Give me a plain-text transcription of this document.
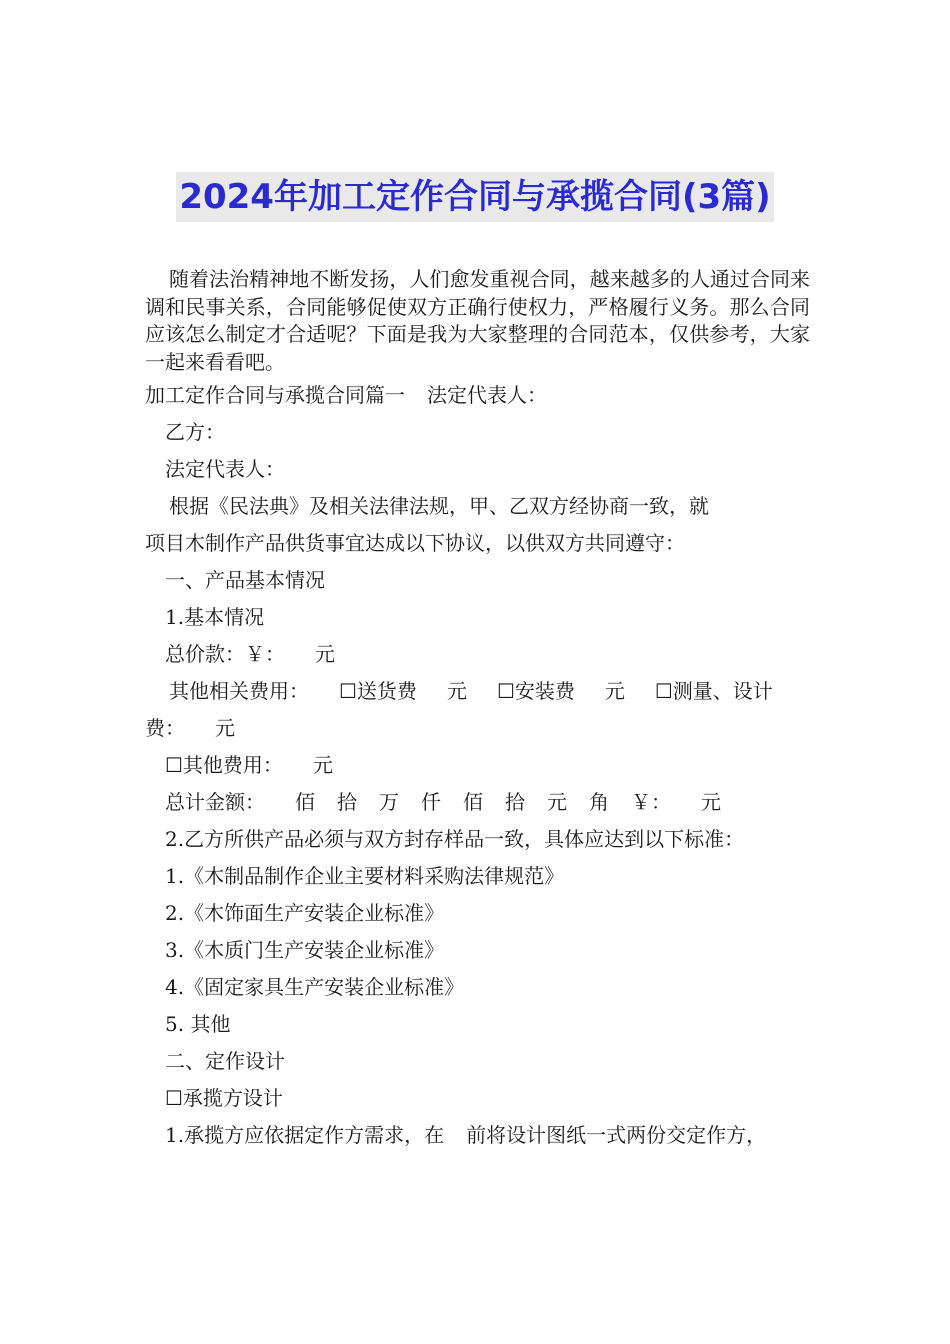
2024年加工定作合同与承揽合同(3篇)

随着法治精神地不断发扬，人们愈发重视合同，越来越多的人通过合同来调和民事关系，合同能够促使双方正确行使权力，严格履行义务。那么合同应该怎么制定才合适呢？下面是我为大家整理的合同范本，仅供参考，大家一起来看看吧。

加工定作合同与承揽合同篇一 法定代表人：

乙方：

法定代表人：

根据《民法典》及相关法律法规，甲、乙双方经协商一致，就

项目木制作产品供货事宜达成以下协议，以供双方共同遵守：

一、产品基本情况

1.基本情况

总价款：￥： 元

其他相关费用： ☐送货费 元 ☐安装费 元 ☐测量、设计

费： 元

☐其他费用： 元

总计金额： 佰 拾 万 仟 佰 拾 元 角 ￥： 元

2.乙方所供产品必须与双方封存样品一致，具体应达到以下标准：

1.《木制品制作企业主要材料采购法律规范》

2.《木饰面生产安装企业标准》

3.《木质门生产安装企业标准》

4.《固定家具生产安装企业标准》

5. 其他

二、定作设计

☐承揽方设计

1.承揽方应依据定作方需求，在 前将设计图纸一式两份交定作方，
